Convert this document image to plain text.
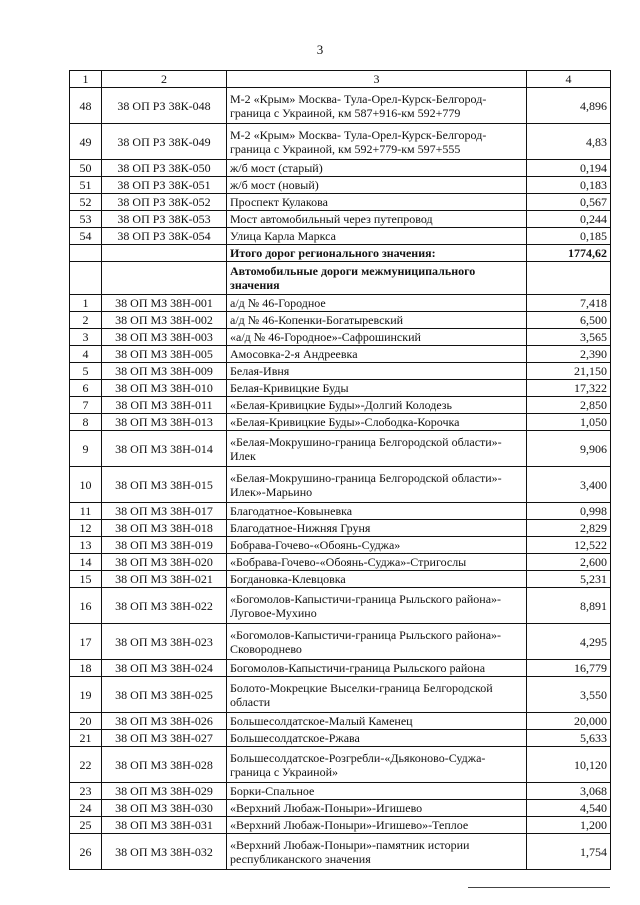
3
1	2	3	4
48	38 ОП РЗ 38К-048	М-2 «Крым» Москва- Тула-Орел-Курск-Белгород-граница с Украиной, км 587+916-км 592+779	4,896
49	38 ОП РЗ 38К-049	М-2 «Крым» Москва- Тула-Орел-Курск-Белгород-граница с Украиной, км 592+779-км 597+555	4,83
50	38 ОП РЗ 38К-050	ж/б мост (старый)	0,194
51	38 ОП РЗ 38К-051	ж/б мост (новый)	0,183
52	38 ОП РЗ 38К-052	Проспект Кулакова	0,567
53	38 ОП РЗ 38К-053	Мост автомобильный через путепровод	0,244
54	38 ОП РЗ 38К-054	Улица Карла Маркса	0,185
		Итого дорог регионального значения:	1774,62
		Автомобильные дороги межмуниципального значения	
1	38 ОП МЗ 38Н-001	а/д № 46-Городное	7,418
2	38 ОП МЗ 38Н-002	а/д № 46-Копенки-Богатыревский	6,500
3	38 ОП МЗ 38Н-003	«а/д № 46-Городное»-Сафрошинский	3,565
4	38 ОП МЗ 38Н-005	Амосовка-2-я Андреевка	2,390
5	38 ОП МЗ 38Н-009	Белая-Ивня	21,150
6	38 ОП МЗ 38Н-010	Белая-Кривицкие Буды	17,322
7	38 ОП МЗ 38Н-011	«Белая-Кривицкие Буды»-Долгий Колодезь	2,850
8	38 ОП МЗ 38Н-013	«Белая-Кривицкие Буды»-Слободка-Корочка	1,050
9	38 ОП МЗ 38Н-014	«Белая-Мокрушино-граница Белгородской области»-Илек	9,906
10	38 ОП МЗ 38Н-015	«Белая-Мокрушино-граница Белгородской области»-Илек»-Марьино	3,400
11	38 ОП МЗ 38Н-017	Благодатное-Ковыневка	0,998
12	38 ОП МЗ 38Н-018	Благодатное-Нижняя Груня	2,829
13	38 ОП МЗ 38Н-019	Бобрава-Гочево-«Обоянь-Суджа»	12,522
14	38 ОП МЗ 38Н-020	«Бобрава-Гочево-«Обоянь-Суджа»-Стригослы	2,600
15	38 ОП МЗ 38Н-021	Богдановка-Клевцовка	5,231
16	38 ОП МЗ 38Н-022	«Богомолов-Капыстичи-граница Рыльского района»-Луговое-Мухино	8,891
17	38 ОП МЗ 38Н-023	«Богомолов-Капыстичи-граница Рыльского района»-Сковороднево	4,295
18	38 ОП МЗ 38Н-024	Богомолов-Капыстичи-граница Рыльского района	16,779
19	38 ОП МЗ 38Н-025	Болото-Мокрецкие Выселки-граница Белгородской области	3,550
20	38 ОП МЗ 38Н-026	Большесолдатское-Малый Каменец	20,000
21	38 ОП МЗ 38Н-027	Большесолдатское-Ржава	5,633
22	38 ОП МЗ 38Н-028	Большесолдатское-Розгребли-«Дьяконово-Суджа-граница с Украиной»	10,120
23	38 ОП МЗ 38Н-029	Борки-Спальное	3,068
24	38 ОП МЗ 38Н-030	«Верхний Любаж-Поныри»-Игишево	4,540
25	38 ОП МЗ 38Н-031	«Верхний Любаж-Поныри»-Игишево»-Теплое	1,200
26	38 ОП МЗ 38Н-032	«Верхний Любаж-Поныри»-памятник истории республиканского значения	1,754
